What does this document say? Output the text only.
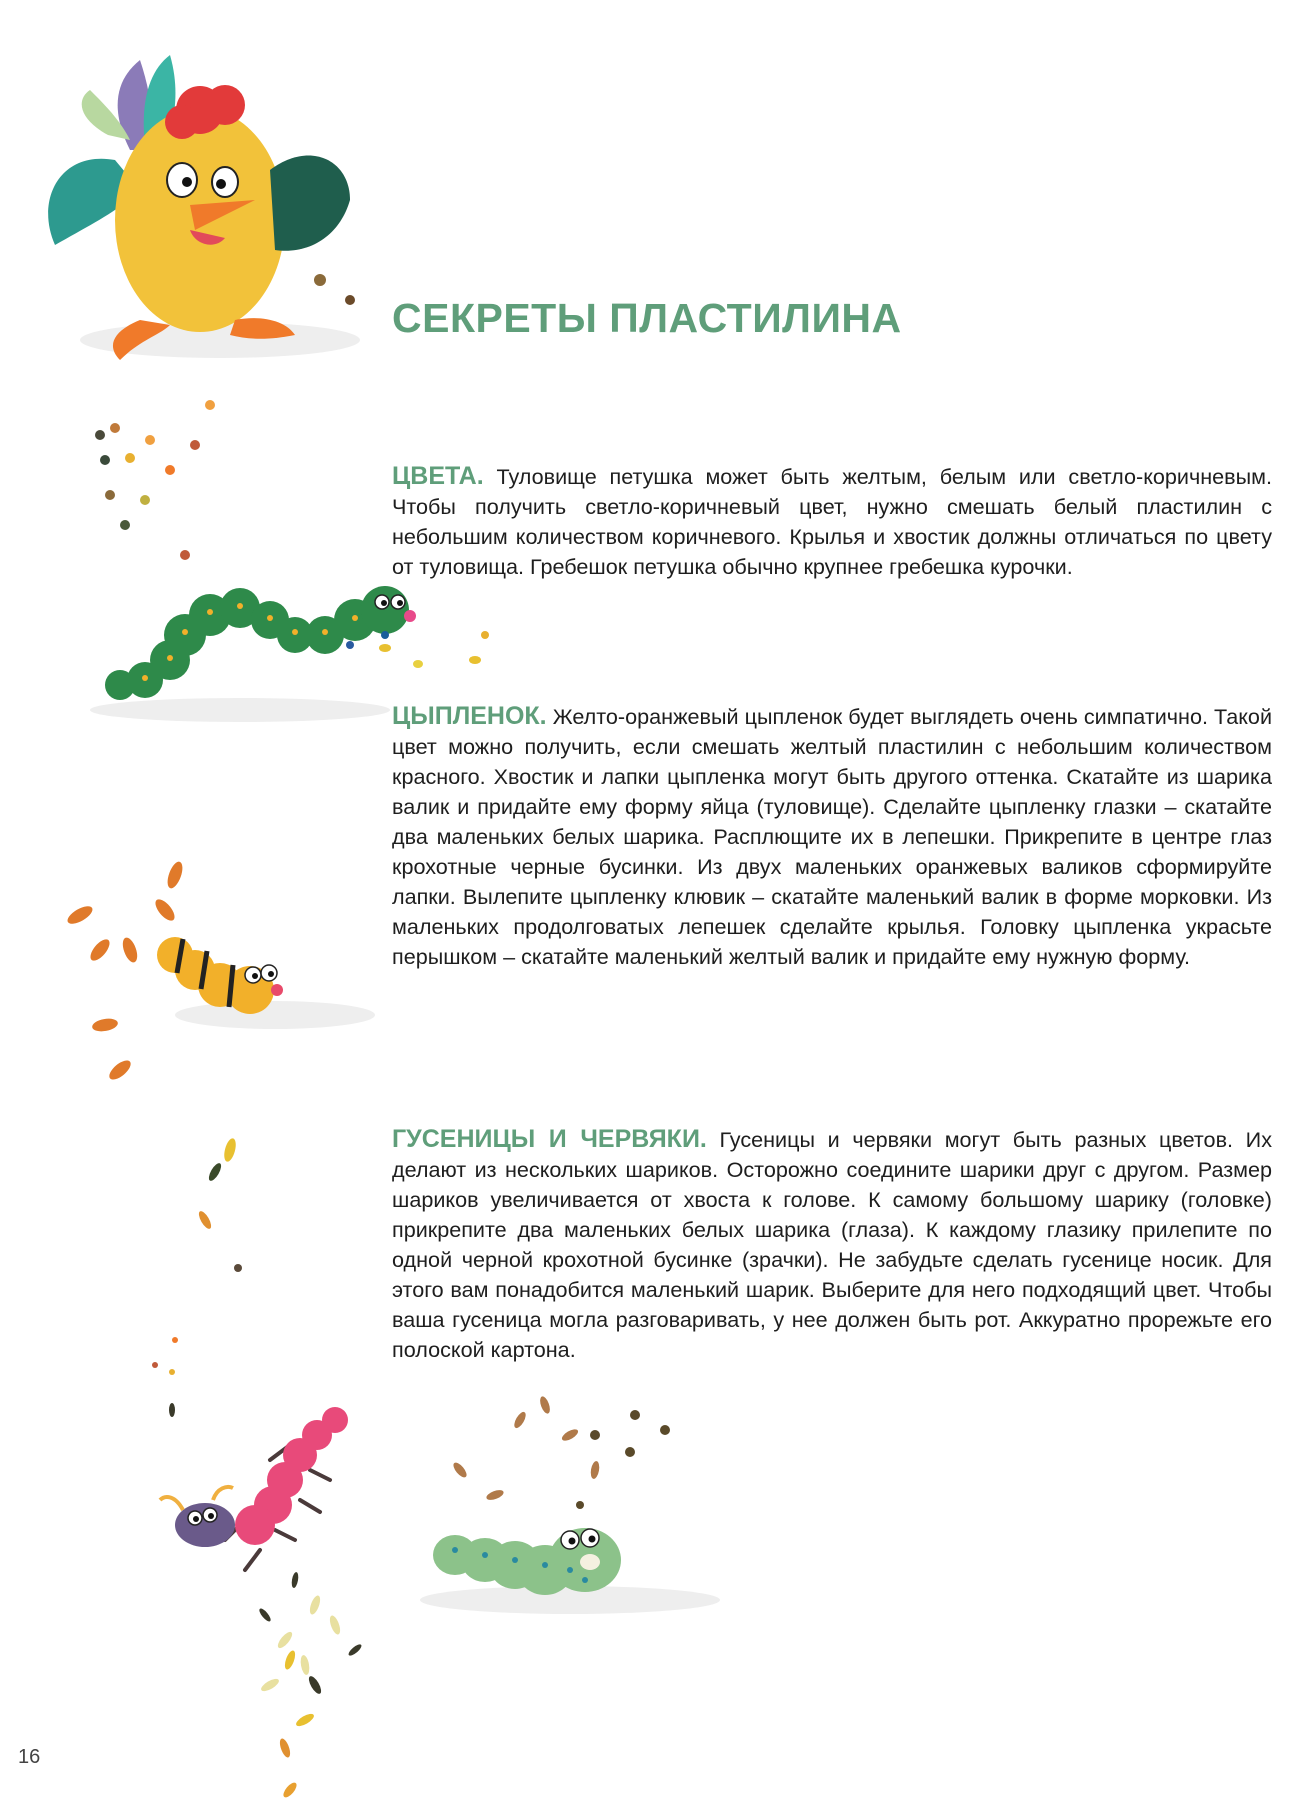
СЕКРЕТЫ ПЛАСТИЛИНА

ЦВЕТА. Туловище петушка может быть желтым, белым или светло-коричневым. Чтобы получить светло-коричневый цвет, нужно смешать белый пластилин с небольшим количеством коричневого. Крылья и хвостик должны отличаться по цвету от туловища. Гребешок петушка обычно крупнее гребешка курочки.

ЦЫПЛЕНОК. Желто-оранжевый цыпленок будет выглядеть очень симпатично. Такой цвет можно получить, если смешать желтый пластилин с небольшим количеством красного. Хвостик и лапки цыпленка могут быть другого оттенка. Скатайте из шарика валик и придайте ему форму яйца (туловище). Сделайте цыпленку глазки – скатайте два маленьких белых шарика. Расплющите их в лепешки. Прикрепите в центре глаз крохотные черные бусинки. Из двух маленьких оранжевых валиков сформируйте лапки. Вылепите цыпленку клювик – скатайте маленький валик в форме морковки. Из маленьких продолговатых лепешек сделайте крылья. Головку цыпленка украсьте перышком – скатайте маленький желтый валик и придайте ему нужную форму.

ГУСЕНИЦЫ И ЧЕРВЯКИ. Гусеницы и червяки могут быть разных цветов. Их делают из нескольких шариков. Осторожно соедините шарики друг с другом. Размер шариков увеличивается от хвоста к голове. К самому большому шарику (головке) прикрепите два маленьких белых шарика (глаза). К каждому глазику прилепите по одной черной крохотной бусинке (зрачки). Не забудьте сделать гусенице носик. Для этого вам понадобится маленький шарик. Выберите для него подходящий цвет. Чтобы ваша гусеница могла разговаривать, у нее должен быть рот. Аккуратно прорежьте его полоской картона.

16
